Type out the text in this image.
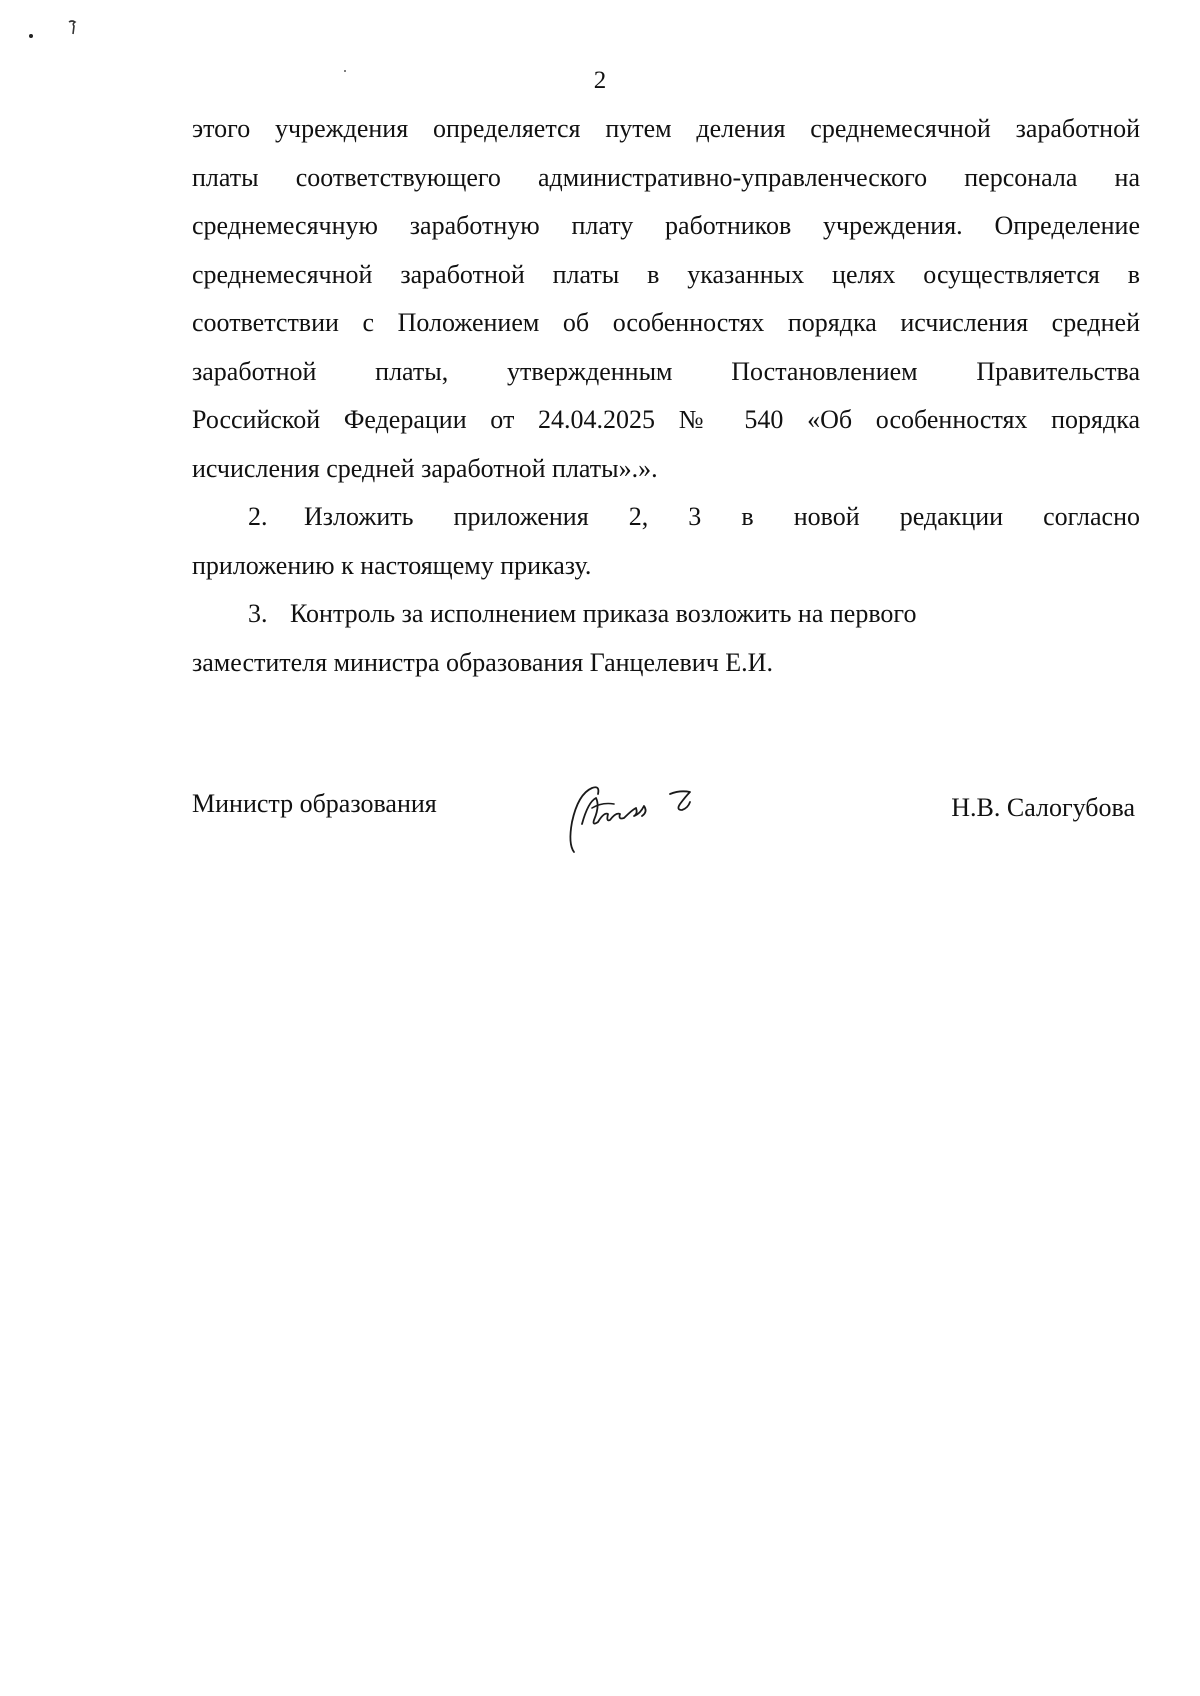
2
этого учреждения определяется путем деления среднемесячной заработной
платы соответствующего административно-управленческого персонала на
среднемесячную заработную плату работников учреждения. Определение
среднемесячной заработной платы в указанных целях осуществляется в
соответствии с Положением об особенностях порядка исчисления средней
заработной платы, утвержденным Постановлением Правительства
Российской Федерации от 24.04.2025 № 540 «Об особенностях порядка
исчисления средней заработной платы».».
2.	Изложить приложения 2, 3 в новой редакции согласно
приложению к настоящему приказу.
3. Контроль за исполнением приказа возложить на первого
заместителя министра образования Ганцелевич Е.И.
Министр образования	Н.В. Салогубова
